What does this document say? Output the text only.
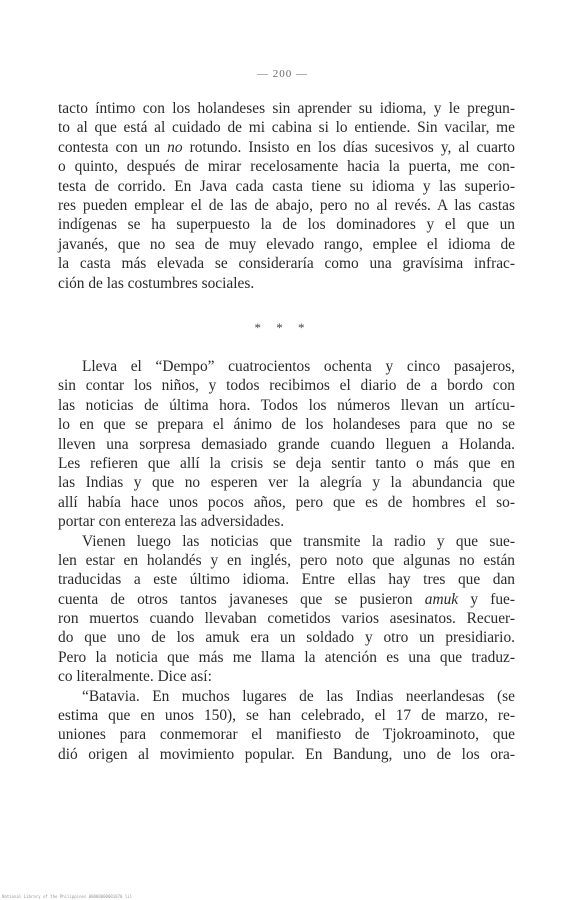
— 200 —
tacto íntimo con los holandeses sin aprender su idioma, y le pregun-
to al que está al cuidado de mi cabina si lo entiende. Sin vacilar, me
contesta con un no rotundo. Insisto en los días sucesivos y, al cuarto
o quinto, después de mirar recelosamente hacia la puerta, me con-
testa de corrido. En Java cada casta tiene su idioma y las superio-
res pueden emplear el de las de abajo, pero no al revés. A las castas
indígenas se ha superpuesto la de los dominadores y el que un
javanés, que no sea de muy elevado rango, emplee el idioma de
la casta más elevada se consideraría como una gravísima infrac-
ción de las costumbres sociales.
* * *
Lleva el “Dempo” cuatrocientos ochenta y cinco pasajeros,
sin contar los niños, y todos recibimos el diario de a bordo con
las noticias de última hora. Todos los números llevan un artícu-
lo en que se prepara el ánimo de los holandeses para que no se
lleven una sorpresa demasiado grande cuando lleguen a Holanda.
Les refieren que allí la crisis se deja sentir tanto o más que en
las Indias y que no esperen ver la alegría y la abundancia que
allí había hace unos pocos años, pero que es de hombres el so-
portar con entereza las adversidades.
Vienen luego las noticias que transmite la radio y que sue-
len estar en holandés y en inglés, pero noto que algunas no están
traducidas a este último idioma. Entre ellas hay tres que dan
cuenta de otros tantos javaneses que se pusieron amuk y fue-
ron muertos cuando llevaban cometidos varios asesinatos. Recuer-
do que uno de los amuk era un soldado y otro un presidiario.
Pero la noticia que más me llama la atención es una que traduz-
co literalmente. Dice así:
“Batavia. En muchos lugares de las Indias neerlandesas (se
estima que en unos 150), se han celebrado, el 17 de marzo, re-
uniones para conmemorar el manifiesto de Tjokroaminoto, que
dió origen al movimiento popular. En Bandung, uno de los ora-
National Library of the Philippines 00000000001070 lil
